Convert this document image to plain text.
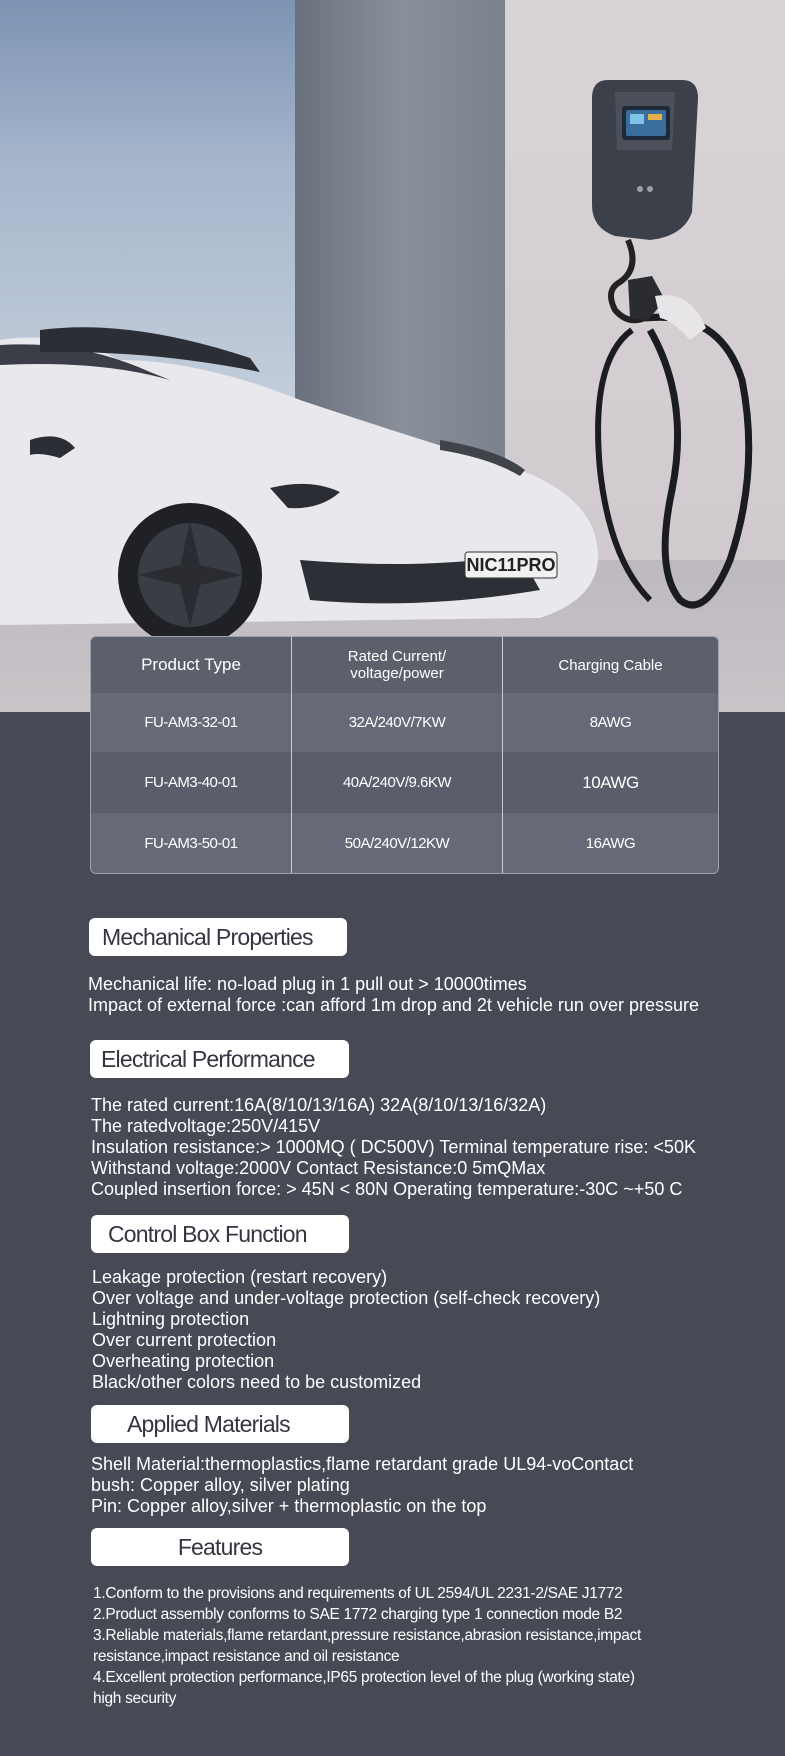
NIC11PRO
Product Type	Rated Current/ voltage/power	Charging Cable
FU-AM3-32-01	32A/240V/7KW	8AWG
FU-AM3-40-01	40A/240V/9.6KW	10AWG
FU-AM3-50-01	50A/240V/12KW	16AWG
Mechanical Properties
Mechanical life: no-load plug in 1 pull out > 10000times
Impact of external force :can afford 1m drop and 2t vehicle run over pressure
Electrical Performance
The rated current:16A(8/10/13/16A) 32A(8/10/13/16/32A)
The ratedvoltage:250V/415V
Insulation resistance:> 1000MQ ( DC500V) Terminal temperature rise: <50K
Withstand voltage:2000V Contact Resistance:0 5mQMax
Coupled insertion force: > 45N < 80N Operating temperature:-30C ~+50 C
Control Box Function
Leakage protection (restart recovery)
Over voltage and under-voltage protection (self-check recovery)
Lightning protection
Over current protection
Overheating protection
Black/other colors need to be customized
Applied Materials
Shell Material:thermoplastics,flame retardant grade UL94-voContact
bush: Copper alloy, silver plating
Pin: Copper alloy,silver + thermoplastic on the top
Features
1.Conform to the provisions and requirements of UL 2594/UL 2231-2/SAE J1772
2.Product assembly conforms to SAE 1772 charging type 1 connection mode B2
3.Reliable materials,flame retardant,pressure resistance,abrasion resistance,impact
resistance,impact resistance and oil resistance
4.Excellent protection performance,IP65 protection level of the plug (working state)
high security
